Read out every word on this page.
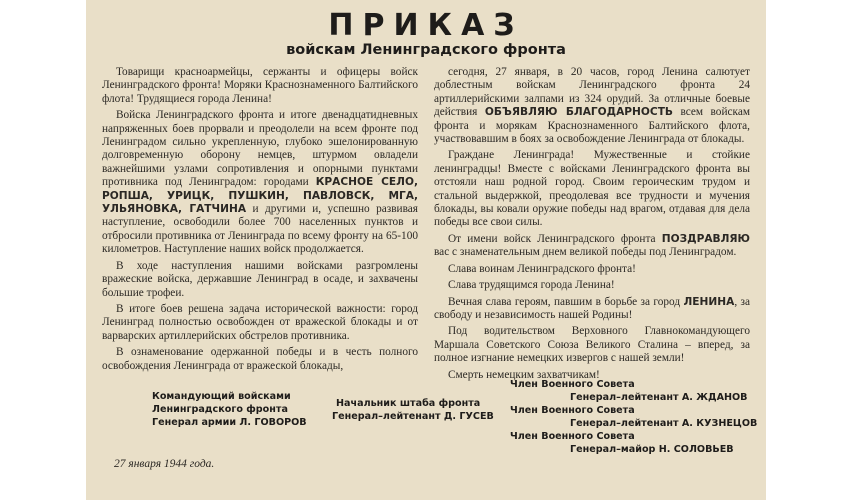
ПРИКАЗ
войскам Ленинградского фронта

Товарищи красноармейцы, сержанты и офицеры войск Ленинградского фронта! Моряки Краснознаменного Балтийского флота! Трудящиеся города Ленина!

Войска Ленинградского фронта и итоге двенадцатидневных напряженных боев прорвали и преодолели на всем фронте под Ленинградом сильно укрепленную, глубоко эшелонированную долговременную оборону немцев, штурмом овладели важнейшими узлами сопротивления и опорными пунктами противника под Ленинградом: городами КРАСНОЕ СЕЛО, РОПША, УРИЦК, ПУШКИН, ПАВЛОВСК, МГА, УЛЬЯНОВКА, ГАТЧИНА и другими и, успешно развивая наступление, освободили более 700 населенных пунктов и отбросили противника от Ленинграда по всему фронту на 65-100 километров. Наступление наших войск продолжается.

В ходе наступления нашими войсками разгромлены вражеские войска, державшие Ленинград в осаде, и захвачены большие трофеи.

В итоге боев решена задача исторической важности: город Ленинград полностью освобожден от вражеской блокады и от варварских артиллерийских обстрелов противника.

В ознаменование одержанной победы и в честь полного освобождения Ленинграда от вражеской блокады,

сегодня, 27 января, в 20 часов, город Ленина салютует доблестным войскам Ленинградского фронта 24 артиллерийскими залпами из 324 орудий. За отличные боевые действия ОБЪЯВЛЯЮ БЛАГОДАРНОСТЬ всем войскам фронта и морякам Краснознаменного Балтийского флота, участвовавшим в боях за освобождение Ленинграда от блокады.

Граждане Ленинграда! Мужественные и стойкие ленинградцы! Вместе с войсками Ленинградского фронта вы отстояли наш родной город. Своим героическим трудом и стальной выдержкой, преодолевая все трудности и мучения блокады, вы ковали оружие победы над врагом, отдавая для дела победы все свои силы.

От имени войск Ленинградского фронта ПОЗДРАВЛЯЮ вас с знаменательным днем великой победы под Ленинградом.

Слава воинам Ленинградского фронта!

Слава трудящимся города Ленина!

Вечная слава героям, павшим в борьбе за город ЛЕНИНА, за свободу и независимость нашей Родины!

Под водительством Верховного Главнокомандующего Маршала Советского Союза Великого Сталина – вперед, за полное изгнание немецких извергов с нашей земли!

Смерть немецким захватчикам!

Командующий войсками
Ленинградского фронта
Генерал армии Л. ГОВОРОВ
Начальник штаба фронта
Генерал–лейтенант Д. ГУСЕВ
Член Военного Совета
Генерал–лейтенант А. ЖДАНОВ
Член Военного Совета
Генерал–лейтенант А. КУЗНЕЦОВ
Член Военного Совета
Генерал–майор Н. СОЛОВЬЕВ
27 января 1944 года.
